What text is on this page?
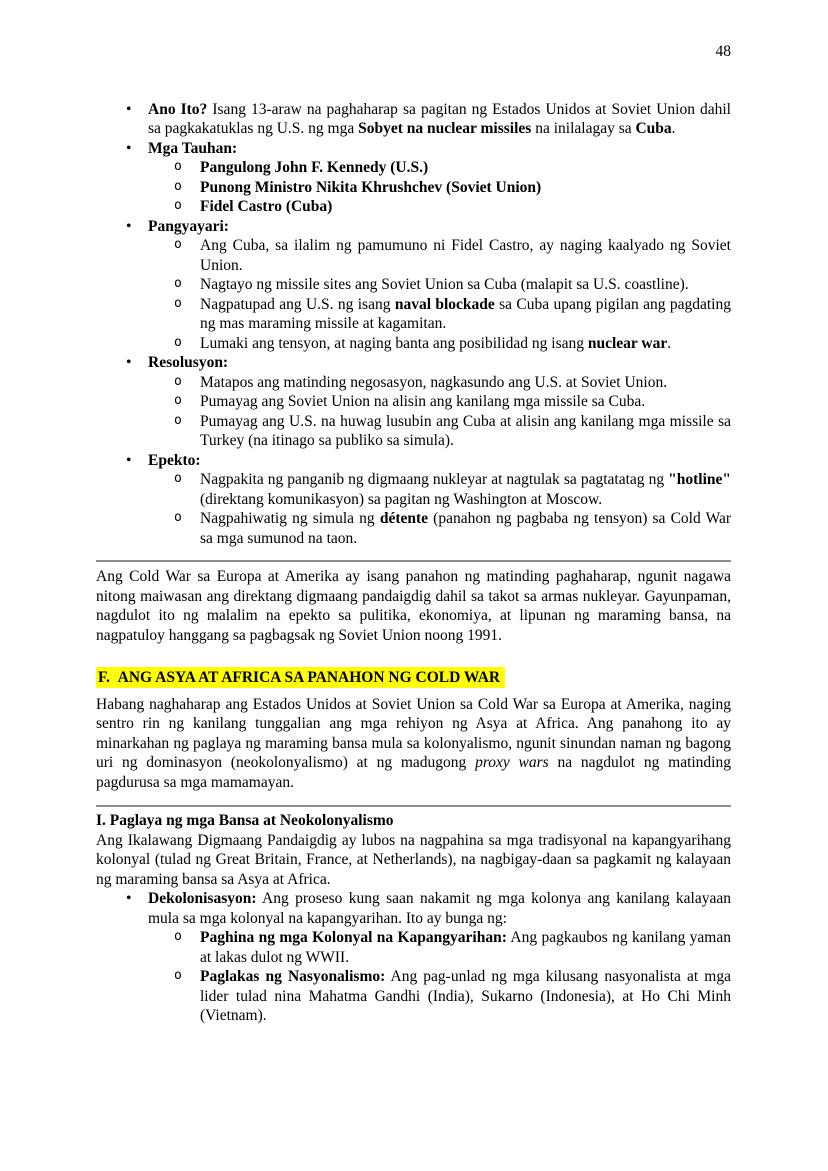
48
• Ano Ito? Isang 13-araw na paghaharap sa pagitan ng Estados Unidos at Soviet Union dahil sa pagkakatuklas ng U.S. ng mga Sobyet na nuclear missiles na inilalagay sa Cuba.
• Mga Tauhan:
o Pangulong John F. Kennedy (U.S.)
o Punong Ministro Nikita Khrushchev (Soviet Union)
o Fidel Castro (Cuba)
• Pangyayari:
o Ang Cuba, sa ilalim ng pamumuno ni Fidel Castro, ay naging kaalyado ng Soviet Union.
o Nagtayo ng missile sites ang Soviet Union sa Cuba (malapit sa U.S. coastline).
o Nagpatupad ang U.S. ng isang naval blockade sa Cuba upang pigilan ang pagdating ng mas maraming missile at kagamitan.
o Lumaki ang tensyon, at naging banta ang posibilidad ng isang nuclear war.
• Resolusyon:
o Matapos ang matinding negosasyon, nagkasundo ang U.S. at Soviet Union.
o Pumayag ang Soviet Union na alisin ang kanilang mga missile sa Cuba.
o Pumayag ang U.S. na huwag lusubin ang Cuba at alisin ang kanilang mga missile sa Turkey (na itinago sa publiko sa simula).
• Epekto:
o Nagpakita ng panganib ng digmaang nukleyar at nagtulak sa pagtatatag ng "hotline" (direktang komunikasyon) sa pagitan ng Washington at Moscow.
o Nagpahiwatig ng simula ng détente (panahon ng pagbaba ng tensyon) sa Cold War sa mga sumunod na taon.

Ang Cold War sa Europa at Amerika ay isang panahon ng matinding paghaharap, ngunit nagawa nitong maiwasan ang direktang digmaang pandaigdig dahil sa takot sa armas nukleyar. Gayunpaman, nagdulot ito ng malalim na epekto sa pulitika, ekonomiya, at lipunan ng maraming bansa, na nagpatuloy hanggang sa pagbagsak ng Soviet Union noong 1991.

F.  ANG ASYA AT AFRICA SA PANAHON NG COLD WAR

Habang naghaharap ang Estados Unidos at Soviet Union sa Cold War sa Europa at Amerika, naging sentro rin ng kanilang tunggalian ang mga rehiyon ng Asya at Africa. Ang panahong ito ay minarkahan ng paglaya ng maraming bansa mula sa kolonyalismo, ngunit sinundan naman ng bagong uri ng dominasyon (neokolonyalismo) at ng madugong proxy wars na nagdulot ng matinding pagdurusa sa mga mamamayan.

I. Paglaya ng mga Bansa at Neokolonyalismo

Ang Ikalawang Digmaang Pandaigdig ay lubos na nagpahina sa mga tradisyonal na kapangyarihang kolonyal (tulad ng Great Britain, France, at Netherlands), na nagbigay-daan sa pagkamit ng kalayaan ng maraming bansa sa Asya at Africa.

• Dekolonisasyon: Ang proseso kung saan nakamit ng mga kolonya ang kanilang kalayaan mula sa mga kolonyal na kapangyarihan. Ito ay bunga ng:
o Paghina ng mga Kolonyal na Kapangyarihan: Ang pagkaubos ng kanilang yaman at lakas dulot ng WWII.
o Paglakas ng Nasyonalismo: Ang pag-unlad ng mga kilusang nasyonalista at mga lider tulad nina Mahatma Gandhi (India), Sukarno (Indonesia), at Ho Chi Minh (Vietnam).
